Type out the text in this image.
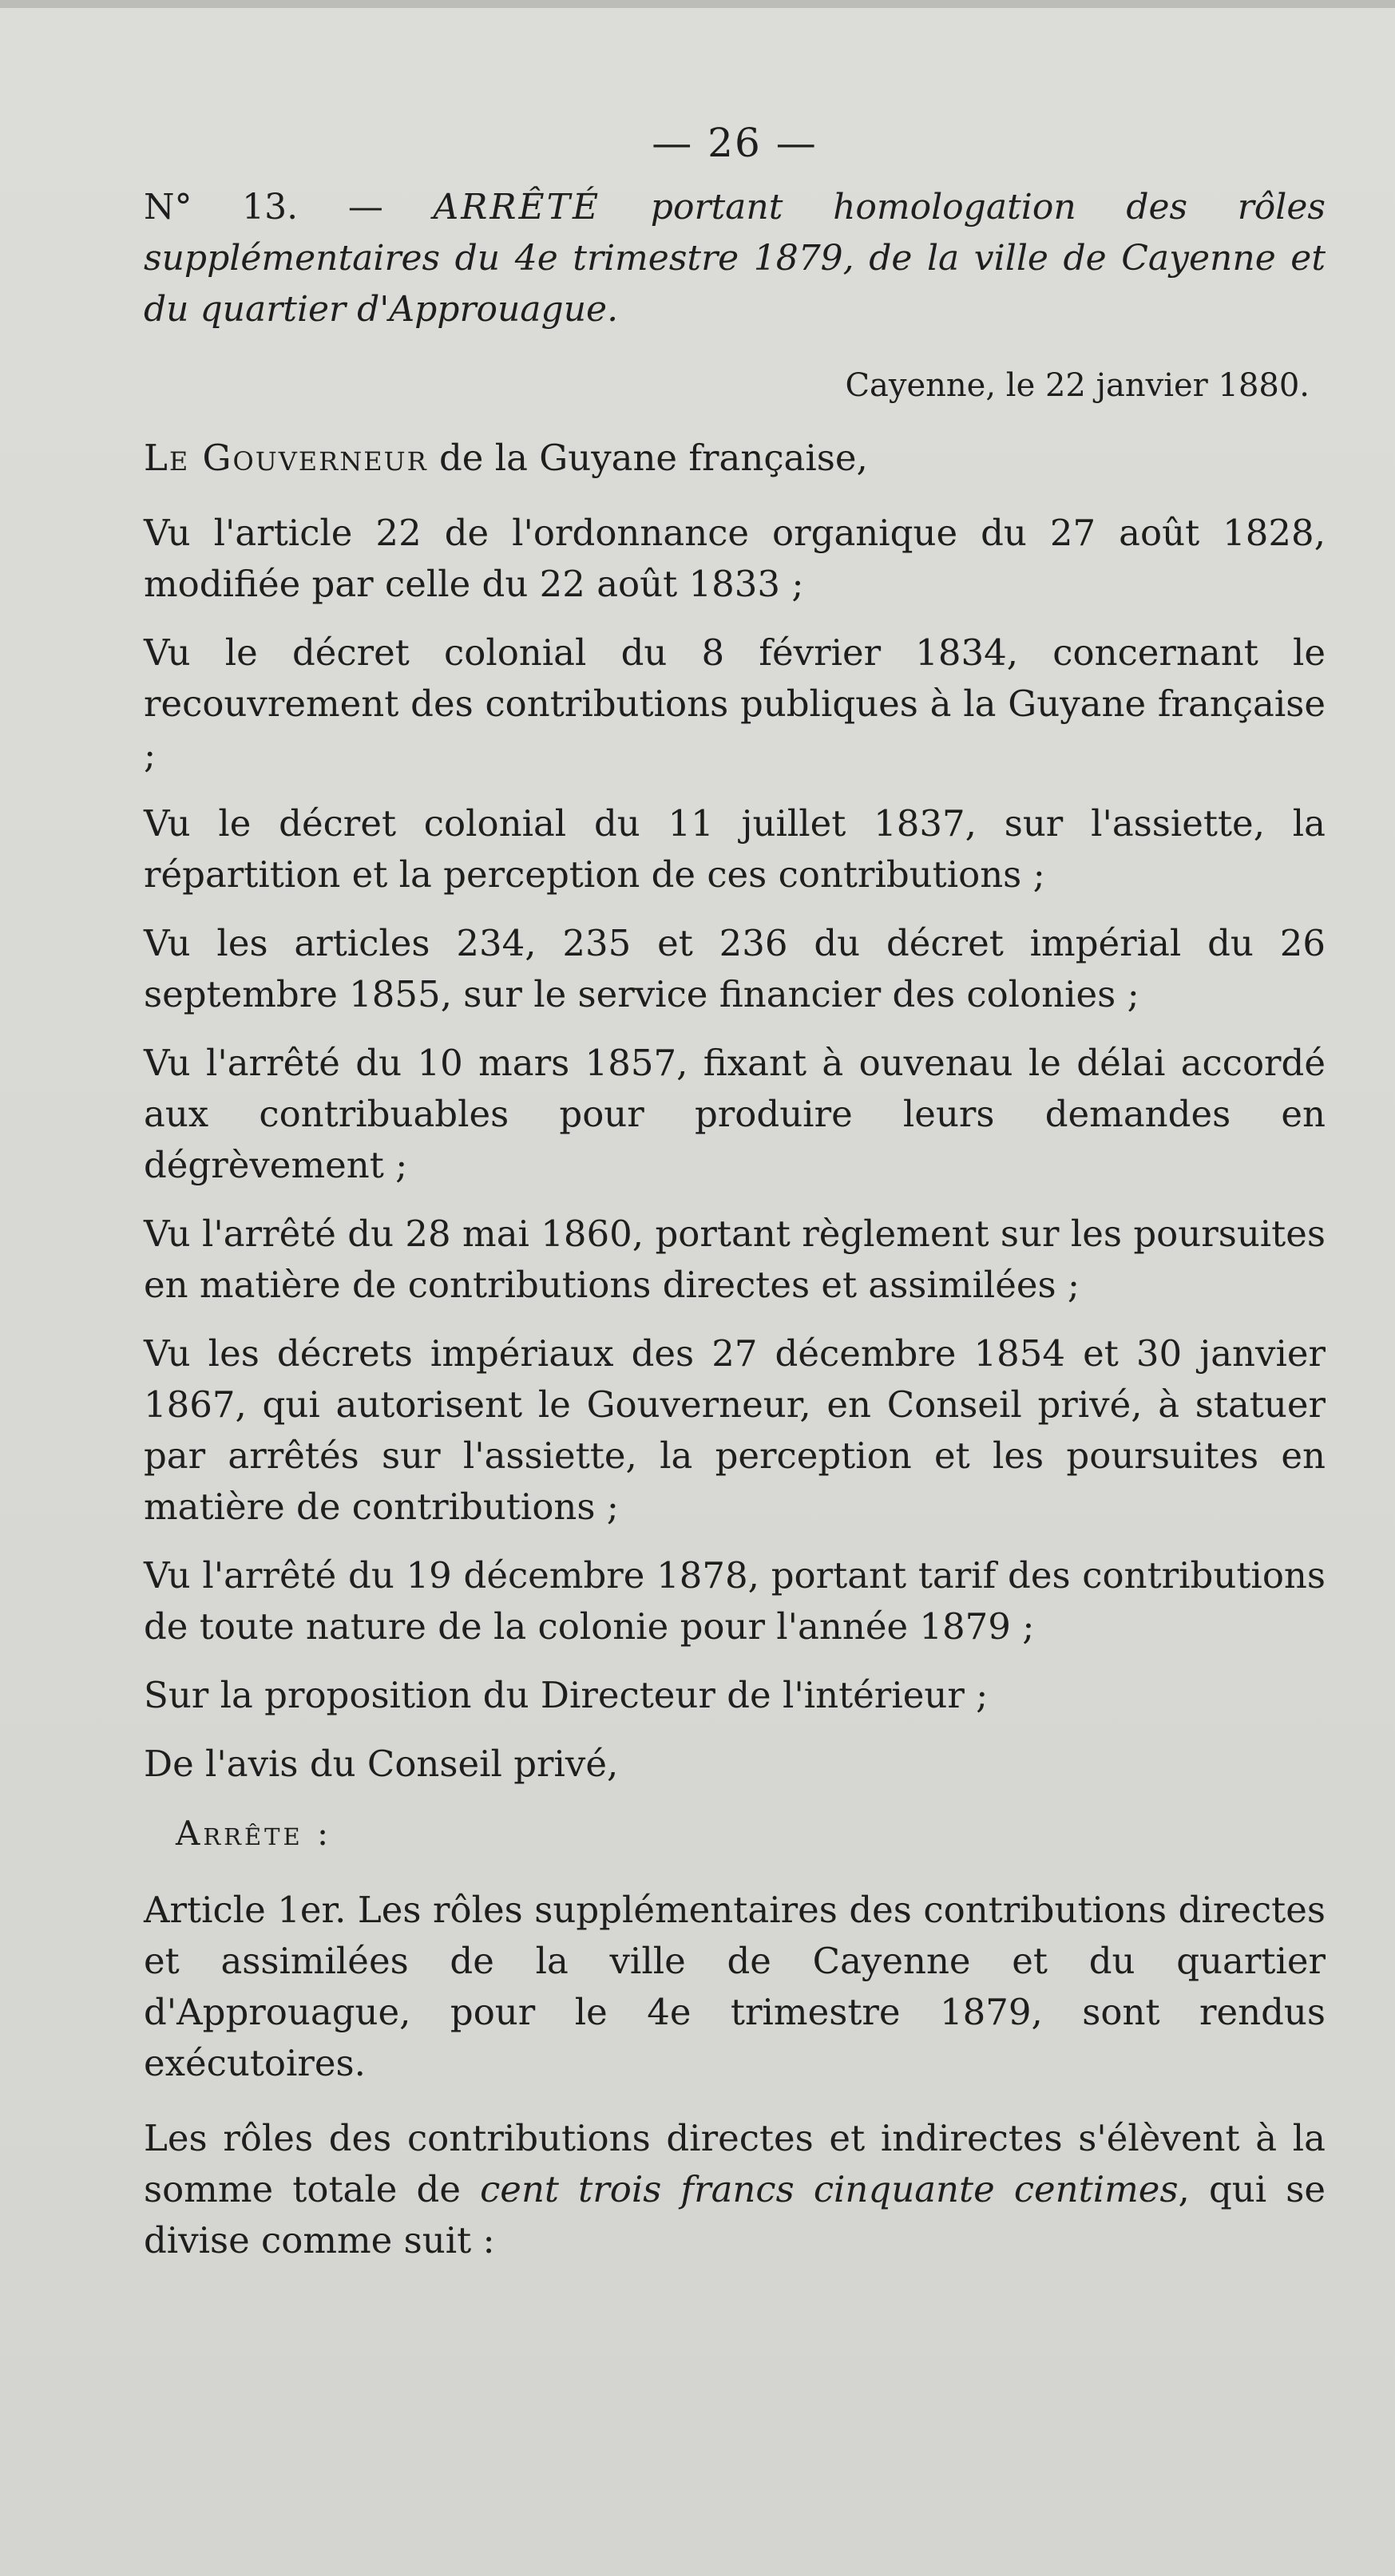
— 26 —

N° 13. — ARRÊTÉ portant homologation des rôles supplémentaires du 4e trimestre 1879, de la ville de Cayenne et du quartier d'Approuague.

Cayenne, le 22 janvier 1880.

Le Gouverneur de la Guyane française,

Vu l'article 22 de l'ordonnance organique du 27 août 1828, modifiée par celle du 22 août 1833 ;

Vu le décret colonial du 8 février 1834, concernant le recouvrement des contributions publiques à la Guyane française ;

Vu le décret colonial du 11 juillet 1837, sur l'assiette, la répartition et la perception de ces contributions ;

Vu les articles 234, 235 et 236 du décret impérial du 26 septembre 1855, sur le service financier des colonies ;

Vu l'arrêté du 10 mars 1857, fixant à ouvenau le délai accordé aux contribuables pour produire leurs demandes en dégrèvement ;

Vu l'arrêté du 28 mai 1860, portant règlement sur les poursuites en matière de contributions directes et assimilées ;

Vu les décrets impériaux des 27 décembre 1854 et 30 janvier 1867, qui autorisent le Gouverneur, en Conseil privé, à statuer par arrêtés sur l'assiette, la perception et les poursuites en matière de contributions ;

Vu l'arrêté du 19 décembre 1878, portant tarif des contributions de toute nature de la colonie pour l'année 1879 ;

Sur la proposition du Directeur de l'intérieur ;

De l'avis du Conseil privé,

Arrête :

Article 1er. Les rôles supplémentaires des contributions directes et assimilées de la ville de Cayenne et du quartier d'Approuague, pour le 4e trimestre 1879, sont rendus exécutoires.

Les rôles des contributions directes et indirectes s'élèvent à la somme totale de cent trois francs cinquante centimes, qui se divise comme suit :
